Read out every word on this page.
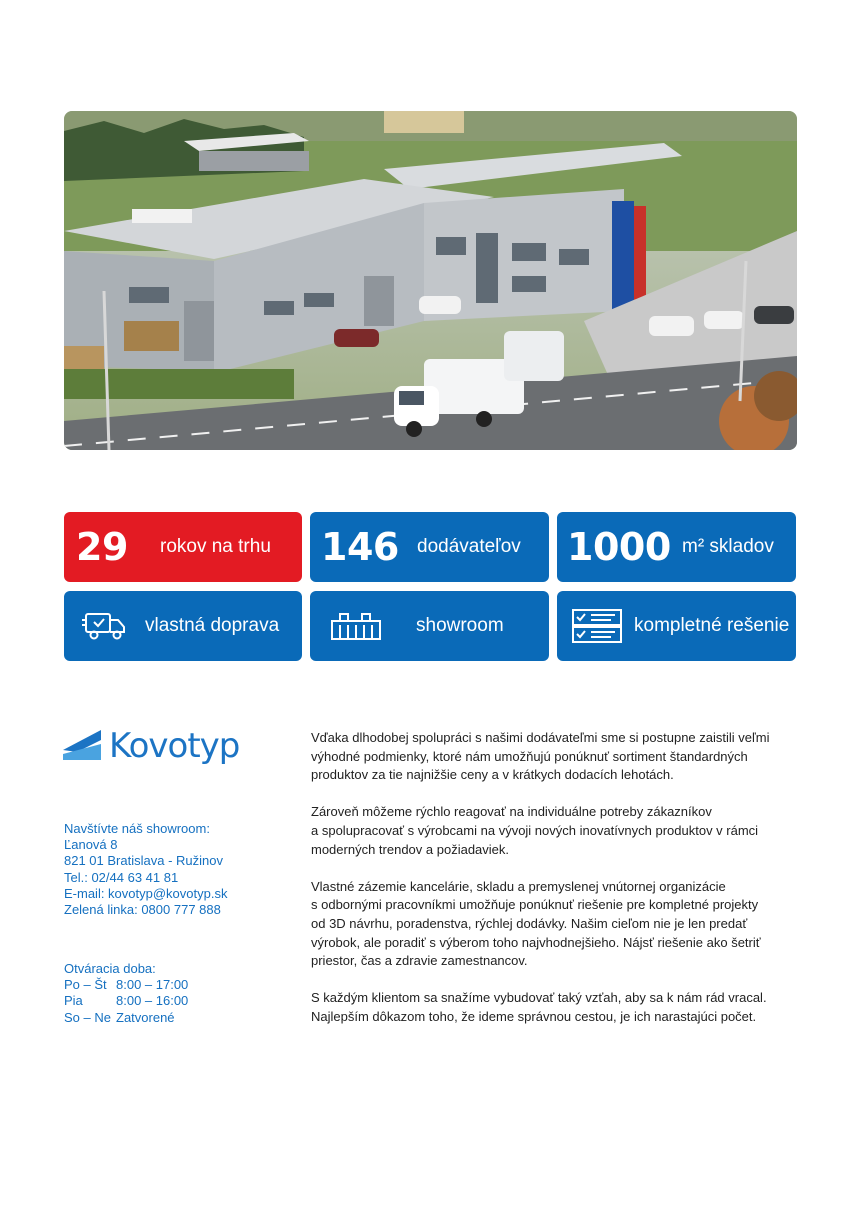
29 rokov na trhu 146 dodávateľov 1000 m² skladov
vlastná doprava	showroom	kompletné rešenie
Kovotyp
Navštívte náš showroom:
Ľanová 8
821 01 Bratislava - Ružinov
Tel.: 02/44 63 41 81
E-mail: kovotyp@kovotyp.sk
Zelená linka: 0800 777 888
Otváracia doba:
Po – Št 8:00 – 17:00
Pia	8:00 – 16:00
So – Ne Zatvorené

Vďaka dlhodobej spolupráci s našimi dodávateľmi sme si postupne zaistili veľmi
výhodné podmienky, ktoré nám umožňujú ponúknuť sortiment štandardných
produktov za tie najnižšie ceny a v krátkych dodacích lehotách.

Zároveň môžeme rýchlo reagovať na individuálne potreby zákazníkov
a spolupracovať s výrobcami na vývoji nových inovatívnych produktov v rámci
moderných trendov a požiadaviek.

Vlastné zázemie kancelárie, skladu a premyslenej vnútornej organizácie
s odbornými pracovníkmi umožňuje ponúknuť riešenie pre kompletné projekty
od 3D návrhu, poradenstva, rýchlej dodávky. Našim cieľom nie je len predať
výrobok, ale poradiť s výberom toho najvhodnejšieho. Nájsť riešenie ako šetriť
priestor, čas a zdravie zamestnancov.

S každým klientom sa snažíme vybudovať taký vzťah, aby sa k nám rád vracal.
Najlepším dôkazom toho, že ideme správnou cestou, je ich narastajúci počet.
